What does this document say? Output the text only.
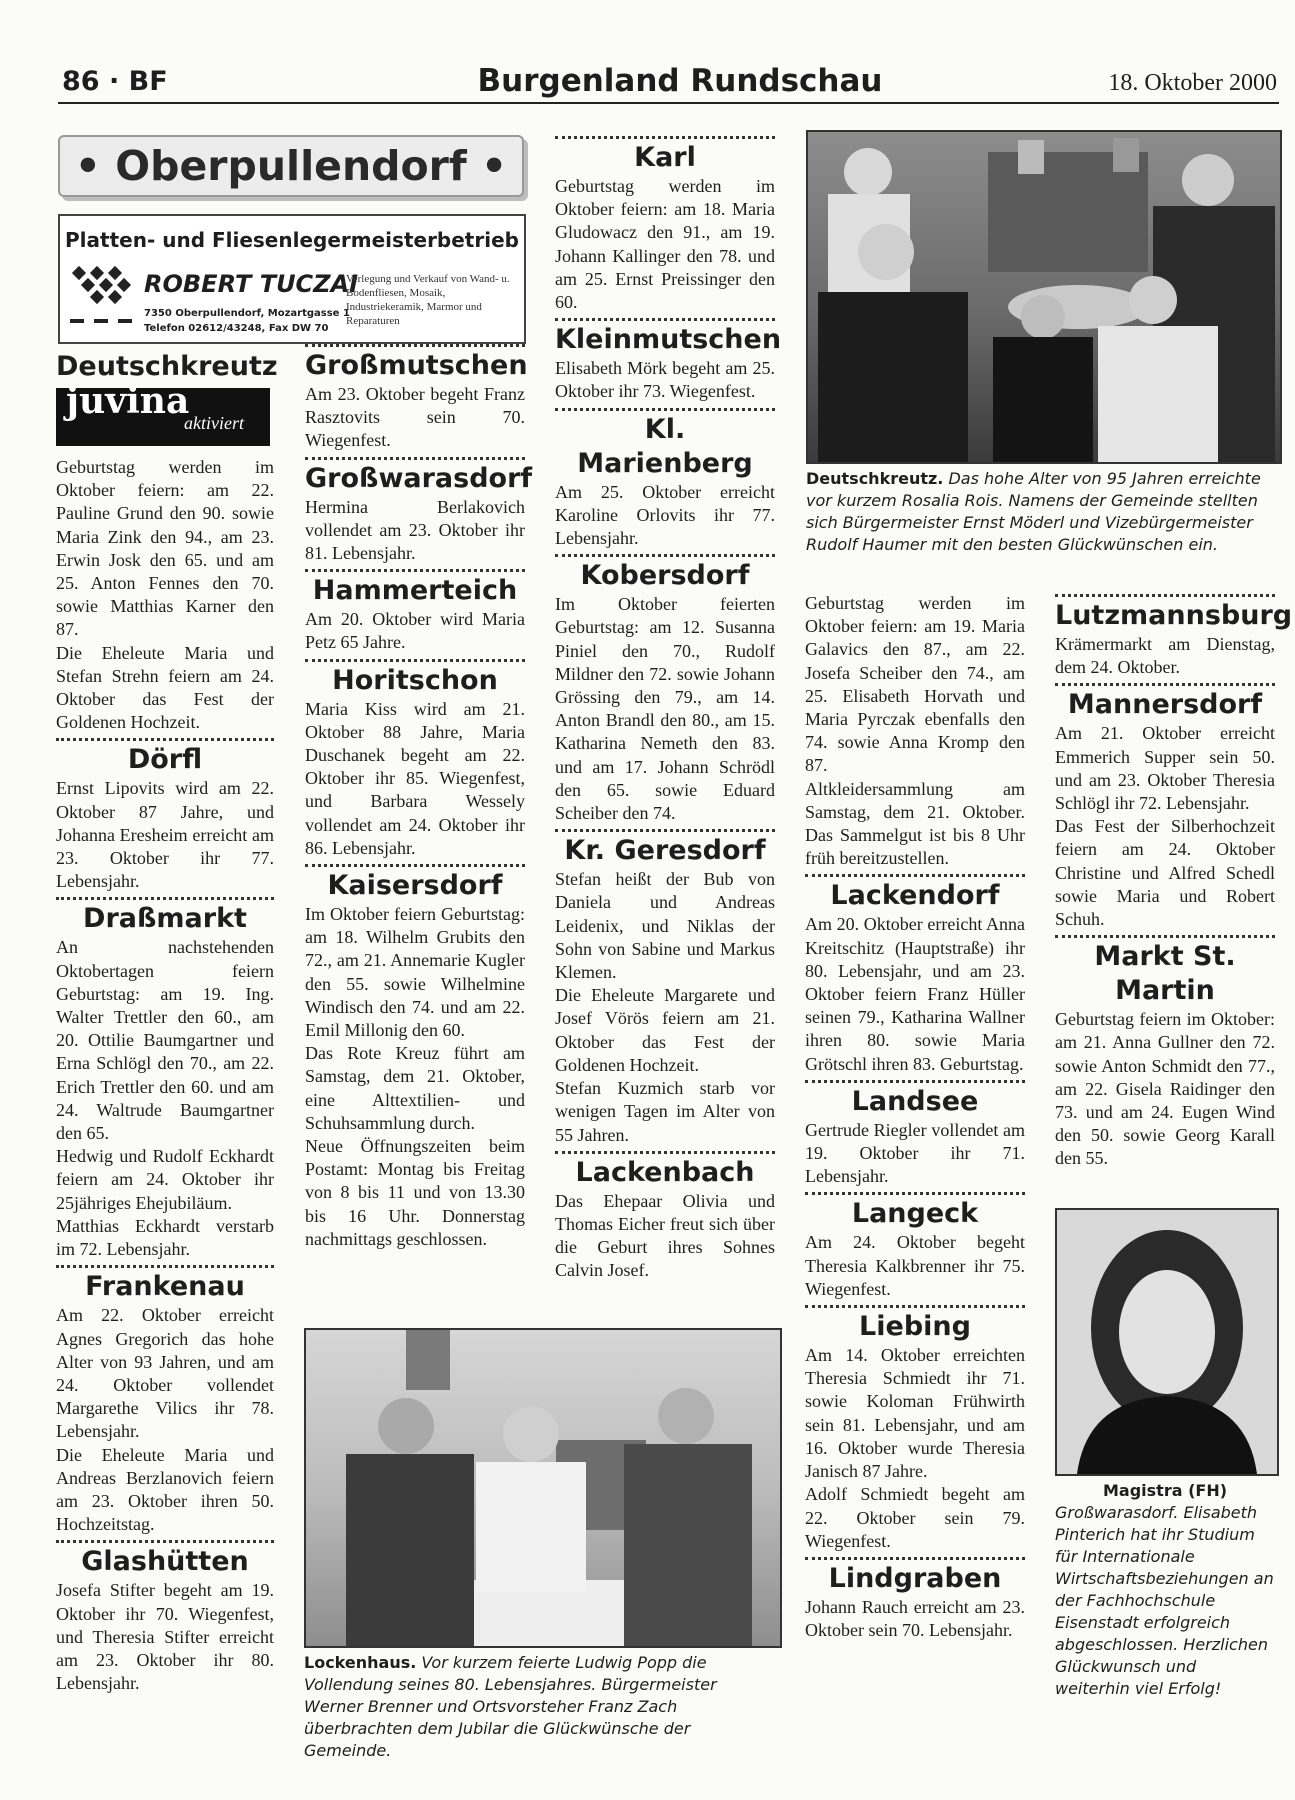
86 · BF	Burgenland Rundschau	18. Oktober 2000
• Oberpullendorf •
Platten- und Fliesenlegermeisterbetrieb
ROBERT TUCZAI
7350 Oberpullendorf, Mozartgasse 1
Telefon 02612/43248, Fax DW 70
Verlegung und Verkauf von Wand- u. Bodenfliesen, Mosaik, Industriekeramik, Marmor und Reparaturen
Deutschkreutz
juvina
aktiviert

Geburtstag werden im Oktober feiern: am 22. Pauline Grund den 90. sowie Maria Zink den 94., am 23. Erwin Josk den 65. und am 25. Anton Fennes den 70. sowie Matthias Karner den 87.

Die Eheleute Maria und Stefan Strehn feiern am 24. Oktober das Fest der Goldenen Hochzeit.

Dörfl

Ernst Lipovits wird am 22. Oktober 87 Jahre, und Johanna Eresheim erreicht am 23. Oktober ihr 77. Lebensjahr.

Draßmarkt

An nachstehenden Oktobertagen feiern Geburtstag: am 19. Ing. Walter Trettler den 60., am 20. Ottilie Baumgartner und Erna Schlögl den 70., am 22. Erich Trettler den 60. und am 24. Waltrude Baumgartner den 65.

Hedwig und Rudolf Eckhardt feiern am 24. Oktober ihr 25jähriges Ehejubiläum.

Matthias Eckhardt verstarb im 72. Lebensjahr.

Frankenau

Am 22. Oktober erreicht Agnes Gregorich das hohe Alter von 93 Jahren, und am 24. Oktober vollendet Margarethe Vilics ihr 78. Lebensjahr.

Die Eheleute Maria und Andreas Berzlanovich feiern am 23. Oktober ihren 50. Hochzeitstag.

Glashütten

Josefa Stifter begeht am 19. Oktober ihr 70. Wiegenfest, und Theresia Stifter erreicht am 23. Oktober ihr 80. Lebensjahr.

Großmutschen

Am 23. Oktober begeht Franz Rasztovits sein 70. Wiegenfest.

Großwarasdorf

Hermina Berlakovich vollendet am 23. Oktober ihr 81. Lebensjahr.

Hammerteich

Am 20. Oktober wird Maria Petz 65 Jahre.

Horitschon

Maria Kiss wird am 21. Oktober 88 Jahre, Maria Duschanek begeht am 22. Oktober ihr 85. Wiegenfest, und Barbara Wessely vollendet am 24. Oktober ihr 86. Lebensjahr.

Kaisersdorf

Im Oktober feiern Geburtstag: am 18. Wilhelm Grubits den 72., am 21. Annemarie Kugler den 55. sowie Wilhelmine Windisch den 74. und am 22. Emil Millonig den 60.

Das Rote Kreuz führt am Samstag, dem 21. Oktober, eine Alttextilien- und Schuhsammlung durch.

Neue Öffnungszeiten beim Postamt: Montag bis Freitag von 8 bis 11 und von 13.30 bis 16 Uhr. Donnerstag nachmittags geschlossen.

Karl

Geburtstag werden im Oktober feiern: am 18. Maria Gludowacz den 91., am 19. Johann Kallinger den 78. und am 25. Ernst Preissinger den 60.

Kleinmutschen

Elisabeth Mörk begeht am 25. Oktober ihr 73. Wiegenfest.

Kl. Marienberg

Am 25. Oktober erreicht Karoline Orlovits ihr 77. Lebensjahr.

Kobersdorf

Im Oktober feierten Geburtstag: am 12. Susanna Piniel den 70., Rudolf Mildner den 72. sowie Johann Grössing den 79., am 14. Anton Brandl den 80., am 15. Katharina Nemeth den 83. und am 17. Johann Schrödl den 65. sowie Eduard Scheiber den 74.

Kr. Geresdorf

Stefan heißt der Bub von Daniela und Andreas Leidenix, und Niklas der Sohn von Sabine und Markus Klemen.

Die Eheleute Margarete und Josef Vörös feiern am 21. Oktober das Fest der Goldenen Hochzeit.

Stefan Kuzmich starb vor wenigen Tagen im Alter von 55 Jahren.

Lackenbach

Das Ehepaar Olivia und Thomas Eicher freut sich über die Geburt ihres Sohnes Calvin Josef.

Deutschkreutz. Das hohe Alter von 95 Jahren erreichte vor kurzem Rosalia Rois. Namens der Gemeinde stellten sich Bürgermeister Ernst Möderl und Vizebürgermeister Rudolf Haumer mit den besten Glückwünschen ein.

Geburtstag werden im Oktober feiern: am 19. Maria Galavics den 87., am 22. Josefa Scheiber den 74., am 25. Elisabeth Horvath und Maria Pyrczak ebenfalls den 74. sowie Anna Kromp den 87.

Altkleidersammlung am Samstag, dem 21. Oktober. Das Sammelgut ist bis 8 Uhr früh bereitzustellen.

Lackendorf

Am 20. Oktober erreicht Anna Kreitschitz (Hauptstraße) ihr 80. Lebensjahr, und am 23. Oktober feiern Franz Hüller seinen 79., Katharina Wallner ihren 80. sowie Maria Grötschl ihren 83. Geburtstag.

Landsee

Gertrude Riegler vollendet am 19. Oktober ihr 71. Lebensjahr.

Langeck

Am 24. Oktober begeht Theresia Kalkbrenner ihr 75. Wiegenfest.

Liebing

Am 14. Oktober erreichten Theresia Schmiedt ihr 71. sowie Koloman Frühwirth sein 81. Lebensjahr, und am 16. Oktober wurde Theresia Janisch 87 Jahre.

Adolf Schmiedt begeht am 22. Oktober sein 79. Wiegenfest.

Lindgraben

Johann Rauch erreicht am 23. Oktober sein 70. Lebensjahr.

Lutzmannsburg

Krämermarkt am Dienstag, dem 24. Oktober.

Mannersdorf

Am 21. Oktober erreicht Emmerich Supper sein 50. und am 23. Oktober Theresia Schlögl ihr 72. Lebensjahr.

Das Fest der Silberhochzeit feiern am 24. Oktober Christine und Alfred Schedl sowie Maria und Robert Schuh.

Markt St. Martin

Geburtstag feiern im Oktober: am 21. Anna Gullner den 72. sowie Anton Schmidt den 77., am 22. Gisela Raidinger den 73. und am 24. Eugen Wind den 50. sowie Georg Karall den 55.

Lockenhaus. Vor kurzem feierte Ludwig Popp die Vollendung seines 80. Lebensjahres. Bürgermeister Werner Brenner und Ortsvorsteher Franz Zach überbrachten dem Jubilar die Glückwünsche der Gemeinde.
Magistra (FH)
Großwarasdorf. Elisabeth Pinterich hat ihr Studium für Internationale Wirtschaftsbeziehungen an der Fachhochschule Eisenstadt erfolgreich abgeschlossen. Herzlichen Glückwunsch und weiterhin viel Erfolg!
